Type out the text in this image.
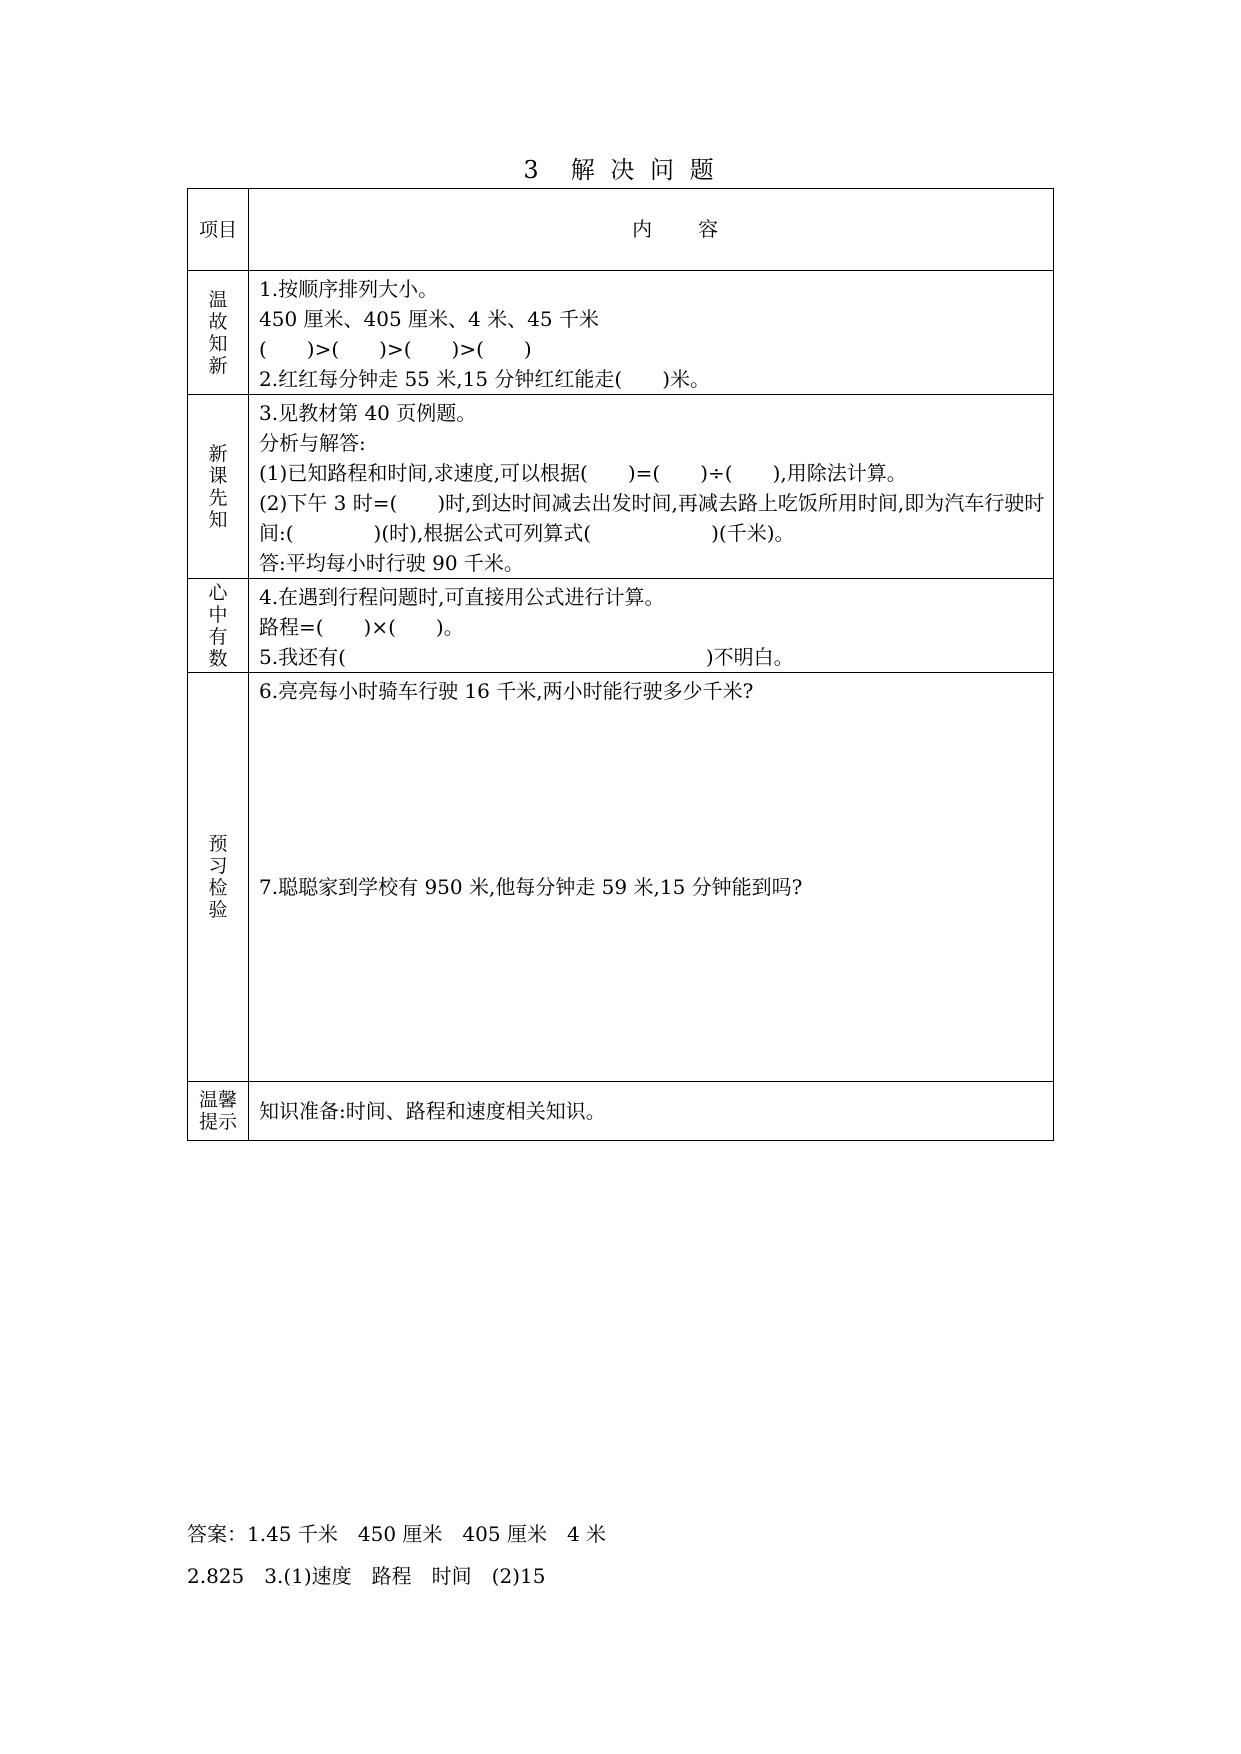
3　解 决 问 题
项目	内　　容

温故知新	1.按顺序排列大小。
450 厘米、405 厘米、4 米、45 千米
(　　)>(　　)>(　　)>(　　)
2.红红每分钟走 55 米,15 分钟红红能走(　　)米。

新课先知	3.见教材第 40 页例题。
分析与解答:
(1)已知路程和时间,求速度,可以根据(　　)=(　　)÷(　　),用除法计算。
(2)下午 3 时=(　　)时,到达时间减去出发时间,再减去路上吃饭所用时间,即为汽车行驶时间:(　　　　)(时),根据公式可列算式(　　　　　　)(千米)。
答:平均每小时行驶 90 千米。

心中有数	4.在遇到行程问题时,可直接用公式进行计算。
路程=(　　)×(　　)。
5.我还有(　　　　　　　　　　　　　　　　　　)不明白。

预习检验	6.亮亮每小时骑车行驶 16 千米,两小时能行驶多少千米?
7.聪聪家到学校有 950 米,他每分钟走 59 米,15 分钟能到吗?

温馨提示	知识准备:时间、路程和速度相关知识。
答案：1.45 千米　450 厘米　405 厘米　4 米
2.825　3.(1)速度　路程　时间　(2)15
